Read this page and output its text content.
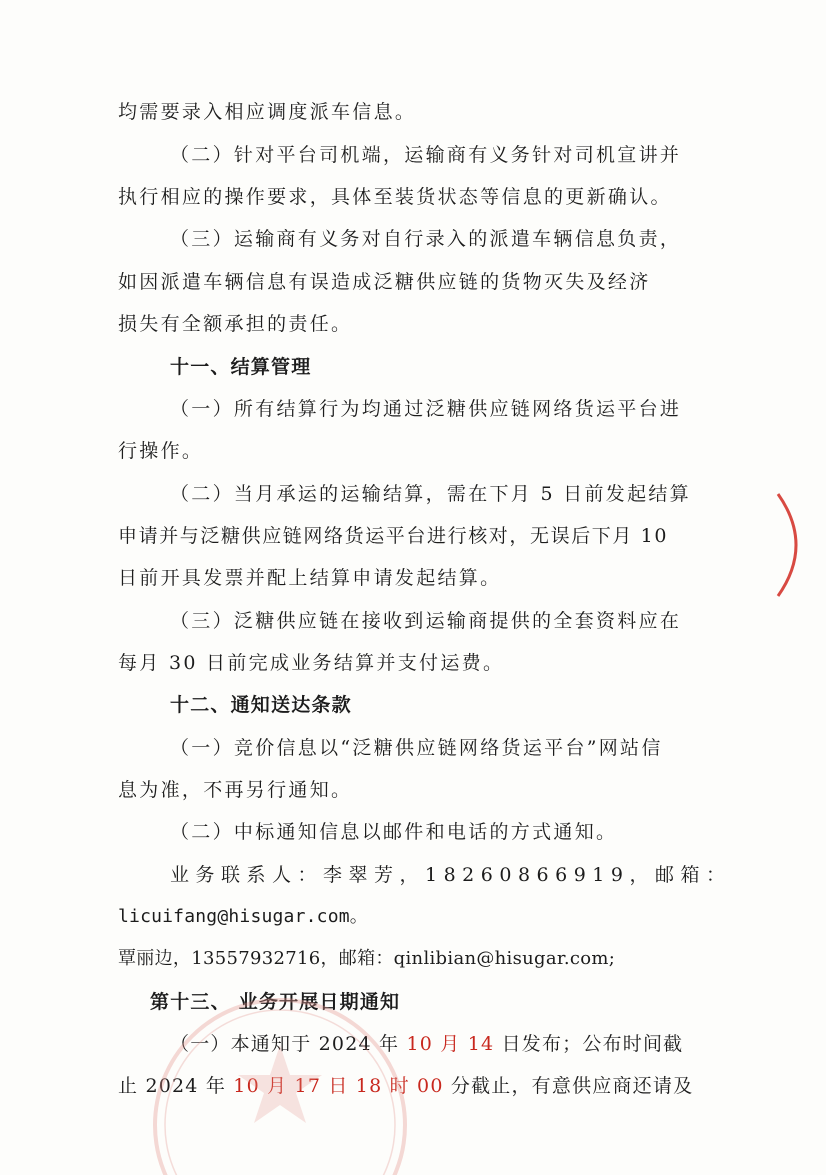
均需要录入相应调度派车信息。
（二）针对平台司机端，运输商有义务针对司机宣讲并
执行相应的操作要求，具体至装货状态等信息的更新确认。
（三）运输商有义务对自行录入的派遣车辆信息负责，
如因派遣车辆信息有误造成泛糖供应链的货物灭失及经济
损失有全额承担的责任。
十一、结算管理
（一）所有结算行为均通过泛糖供应链网络货运平台进
行操作。
（二）当月承运的运输结算，需在下月 5 日前发起结算
申请并与泛糖供应链网络货运平台进行核对，无误后下月 10
日前开具发票并配上结算申请发起结算。
（三）泛糖供应链在接收到运输商提供的全套资料应在
每月 30 日前完成业务结算并支付运费。
十二、通知送达条款
（一）竞价信息以“泛糖供应链网络货运平台”网站信
息为准，不再另行通知。
（二）中标通知信息以邮件和电话的方式通知。
业务联系人：李翠芳，18260866919，邮箱：
licuifang@hisugar.com。
覃丽边，13557932716，邮箱：qinlibian@hisugar.com;
第十三、 业务开展日期通知
（一）本通知于 2024 年 10 月 14 日发布；公布时间截
止 2024 年 10 月 17 日 18 时 00 分截止，有意供应商还请及
